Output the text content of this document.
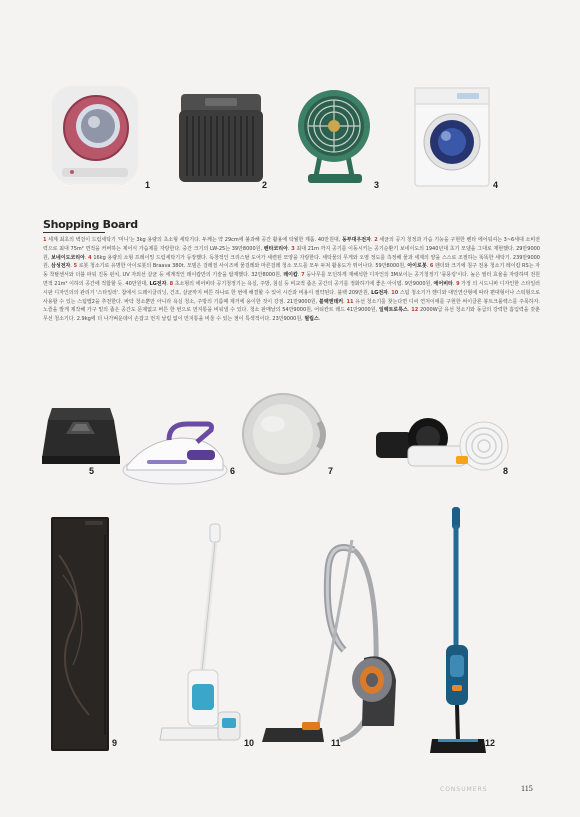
1	2	3	4
Shopping Board

1 세계 최초의 벽걸이 드럼세탁기 '미니'는 3kg 용량의 초소형 세탁기다. 두께는 약 29cm에 불과해 공간 활용에 탁월한 제품. 40만원대, 동부대우전자. 2 세균의 공기 청정과 가습 기능을 구현한 벤타 에어워셔는 3~6세대 소비전력으로 최대 75m² 면적을 커버하는 제어식 가습제를 자랑한다. 중간 크기의 LW-25는 39만8000원, 벤타코리아. 3 최대 21m 까지 공기를 이동시키는 공기순환기 보네이도의 1940년대 초기 모델을 그대로 재현했다. 29만9000원, 보네이도코리아. 4 16kg 용량의 소형 프레이밍 드럼세탁기가 등장했다. 독창적인 크리스탈 도어가 세련된 모양을 자랑한다. 세탁물의 무게와 오염 정도를 측정해 물과 세제의 양을 스스로 조절하는 똑똑한 세탁기. 239만9000원, 삼성전자. 5 로봇 청소기로 유명한 아이로봇의 Braava 380t. 모델은 걸레질 사이즈에 물걸레와 마른걸레 청소 모드를 모두 두쳐 활용도가 뛰어나다. 59만8000원, 아이로봇. 6 팬더와 크기에 침구 전용 청소기 레이캅 RS는 자동 착탈센서와 더블 파워 진동 펀치, UV 자외선 살균 등 세계적인 레이캅만의 기술을 탑재했다. 32만8000원, 레이캅. 7 둥나무를 모던하게 재해석한 디자인의 3M보이는 공기청정기 '뭉뭉링'이다. 높은 필터 효율을 자랑하며 전원 면적 21m² 이하의 공간에 적합할 듯. 40만원대, LG전자. 8 초소형의 에어비타 공기청정기는 욕실, 주방, 침실 등 비교적 좁은 공간의 공기를 정화하기에 좋은 아이템. 9만9000원, 에어비타. 9 가정 의 시드니바 디자인한 스타일러 시판 디자인의의 관리기 '스타일러'. 참에서 드레이클리닝, 건조, 살균까지 버튼 하나로 한 번에 해결할 수 있어 시간과 비용이 절약된다. 블랙 209만원, LG전자. 10 스팀 청소기가 핸디와 대인연산형에 따라 편대형이나 스틱형으로 사용할 수 있는 스팀맵2을 추천한다. 바닥 청소뿐만 아니라 욕실 청소, 주방의 기름때 제거에 용이한 것이 강점. 21만9000원, 블랙앤데커. 11 유선 청소기를 찾는다면 디씨 연처이에를 구현한 써이클론 봉트크롤렉스를 주목하자. 노즐을 발게 제작해 가구 밑의 좁은 공간도 문제없고 버튼 한 번으로 먼지통을 비워낼 수 있다. 청소 판매날의 54만9000원, 어티칸트 레드 41만9000원, 일렉트로룩스. 12 2000W급 유선 청소기와 동급의 강력한 흡입력을 갖춘 무선 청소기다. 2.9kg에 더 나가벼운데이 손잡고 먼지 날림 없이 먼지통을 비울 수 있는 점이 특색적이다. 23만9000원, 필립스.

5	6	7	8
9	10	11	12
CONSUMERS	115
